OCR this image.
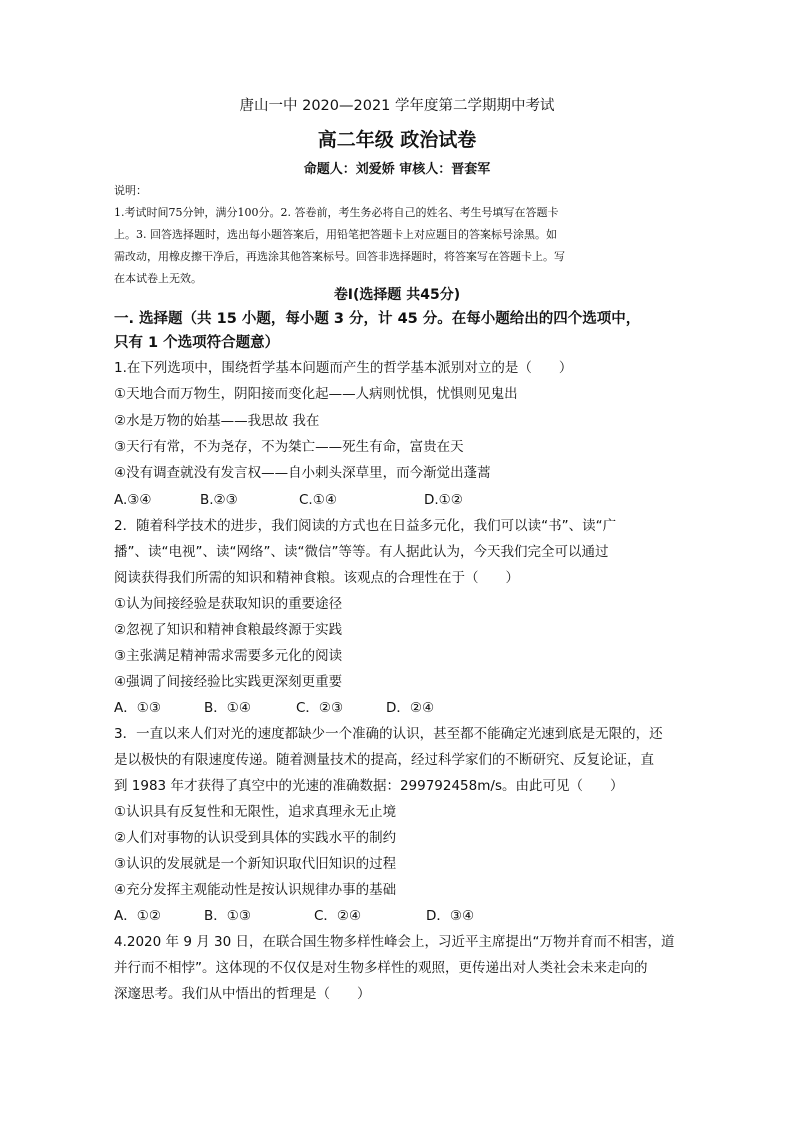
唐山一中 2020—2021 学年度第二学期期中考试
高二年级 政治试卷
命题人：刘爱娇 审核人：晋套军
说明：
1.考试时间75分钟，满分100分。2. 答卷前，考生务必将自己的姓名、考生号填写在答题卡
上。3. 回答选择题时，选出每小题答案后，用铅笔把答题卡上对应题目的答案标号涂黑。如
需改动，用橡皮擦干净后，再选涂其他答案标号。回答非选择题时，将答案写在答题卡上。写
在本试卷上无效。
卷Ⅰ(选择题 共45分)
一. 选择题（共 15 小题，每小题 3 分，计 45 分。在每小题给出的四个选项中，
只有 1 个选项符合题意）
1.在下列选项中，围绕哲学基本问题而产生的哲学基本派别对立的是（　　）
①天地合而万物生，阴阳接而变化起——人病则忧惧，忧惧则见鬼出
②水是万物的始基——我思故 我在
③天行有常，不为尧存，不为桀亡——死生有命，富贵在天
④没有调查就没有发言权——自小刺头深草里，而今渐觉出蓬蒿
A.③④	B.②③	C.①④	D.①②
2．随着科学技术的进步，我们阅读的方式也在日益多元化，我们可以读“书”、读“广
播”、读“电视”、读“网络”、读“微信”等等。有人据此认为，今天我们完全可以通过
阅读获得我们所需的知识和精神食粮。该观点的合理性在于（　　）
①认为间接经验是获取知识的重要途径
②忽视了知识和精神食粮最终源于实践
③主张满足精神需求需要多元化的阅读
④强调了间接经验比实践更深刻更重要
A．①③	B．①④	C．②③	D．②④
3．一直以来人们对光的速度都缺少一个准确的认识，甚至都不能确定光速到底是无限的，还
是以极快的有限速度传递。随着测量技术的提高，经过科学家们的不断研究、反复论证，直
到 1983 年才获得了真空中的光速的准确数据：299792458m/s。由此可见（　　）
①认识具有反复性和无限性，追求真理永无止境
②人们对事物的认识受到具体的实践水平的制约
③认识的发展就是一个新知识取代旧知识的过程
④充分发挥主观能动性是按认识规律办事的基础
A．①②	B．①③	C．②④	D．③④
4.2020 年 9 月 30 日，在联合国生物多样性峰会上，习近平主席提出“万物并育而不相害，道
并行而不相悖”。这体现的不仅仅是对生物多样性的观照，更传递出对人类社会未来走向的
深邃思考。我们从中悟出的哲理是（　　）
